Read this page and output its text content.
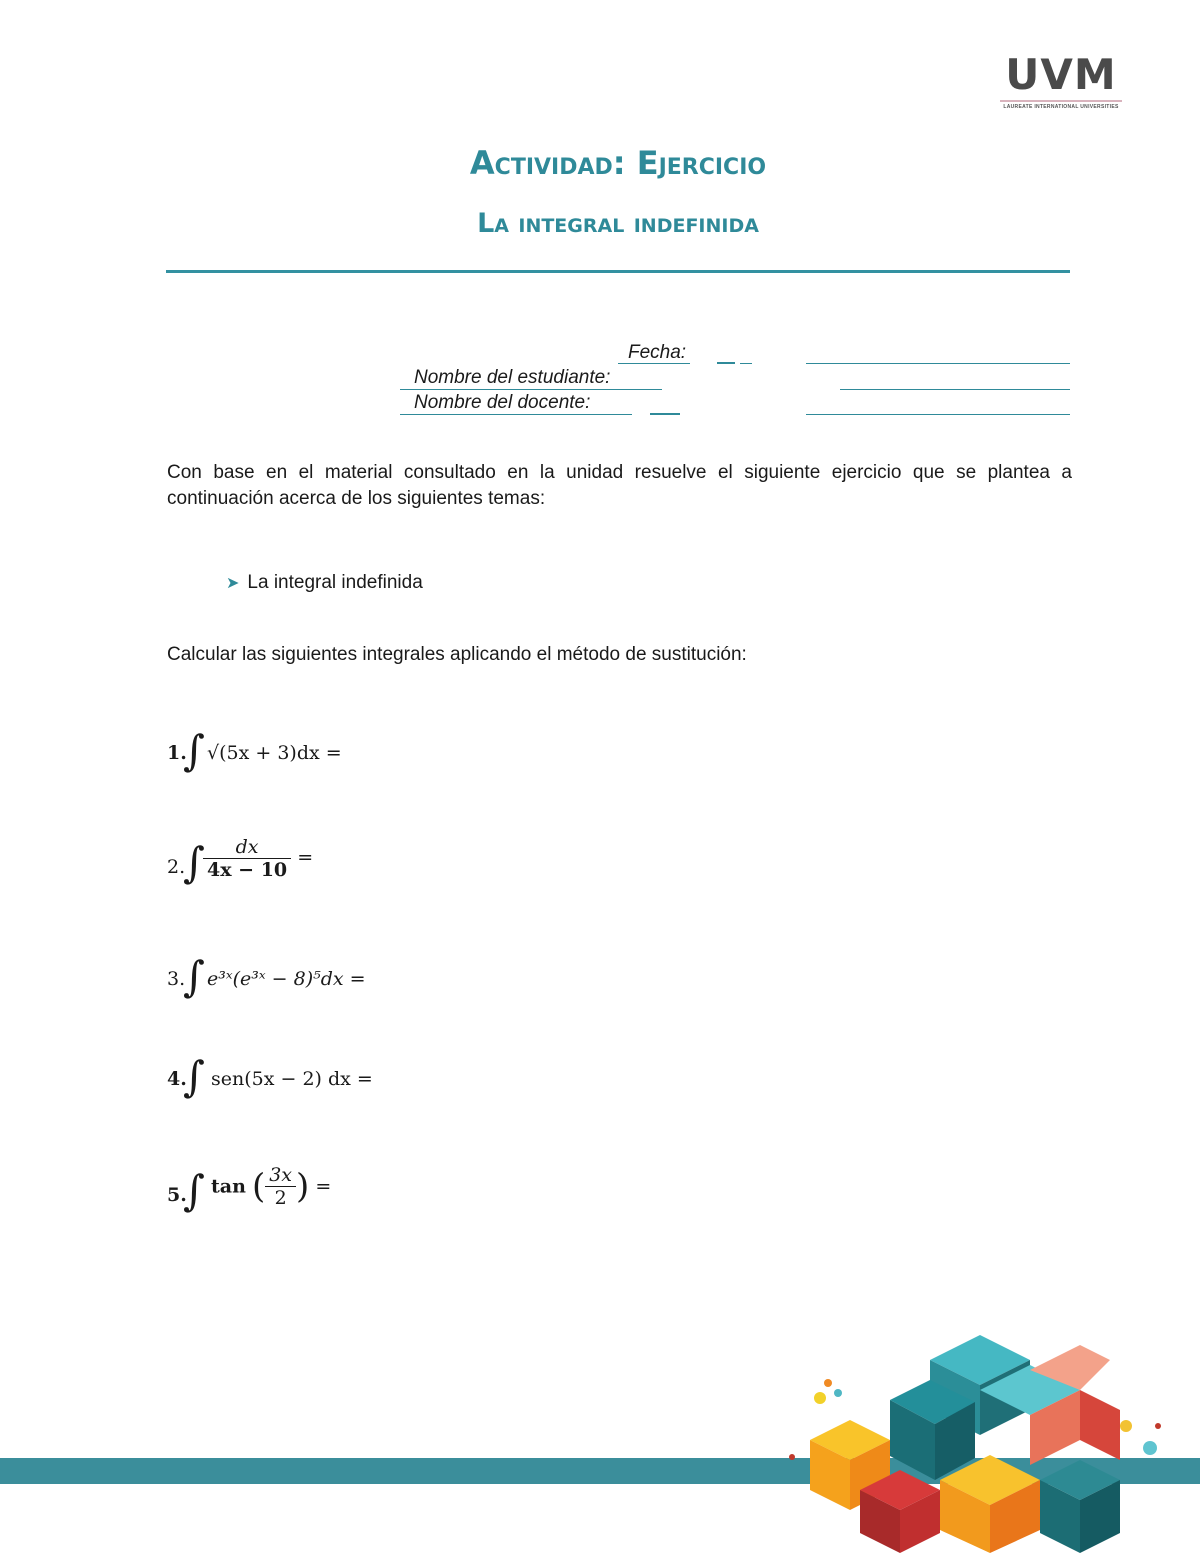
UVM
LAUREATE INTERNATIONAL UNIVERSITIES
Actividad: Ejercicio
La integral indefinida
Fecha:
Nombre del estudiante:
Nombre del docente:
Con base en el material consultado en la unidad resuelve el siguiente ejercicio que se plantea a continuación acerca de los siguientes temas:
➤ La integral indefinida
Calcular las siguientes integrales aplicando el método de sustitución:
1.
∫ √(5x + 3)dx =
2.
∫
$\frac{dx}{4x - 10}$ =
3.
∫ e³ˣ(e³ˣ − 8)⁵dx =
4.
∫ sen(5x − 2) dx =
5.
∫ tan ( $\frac{3x}{2}$ ) =
